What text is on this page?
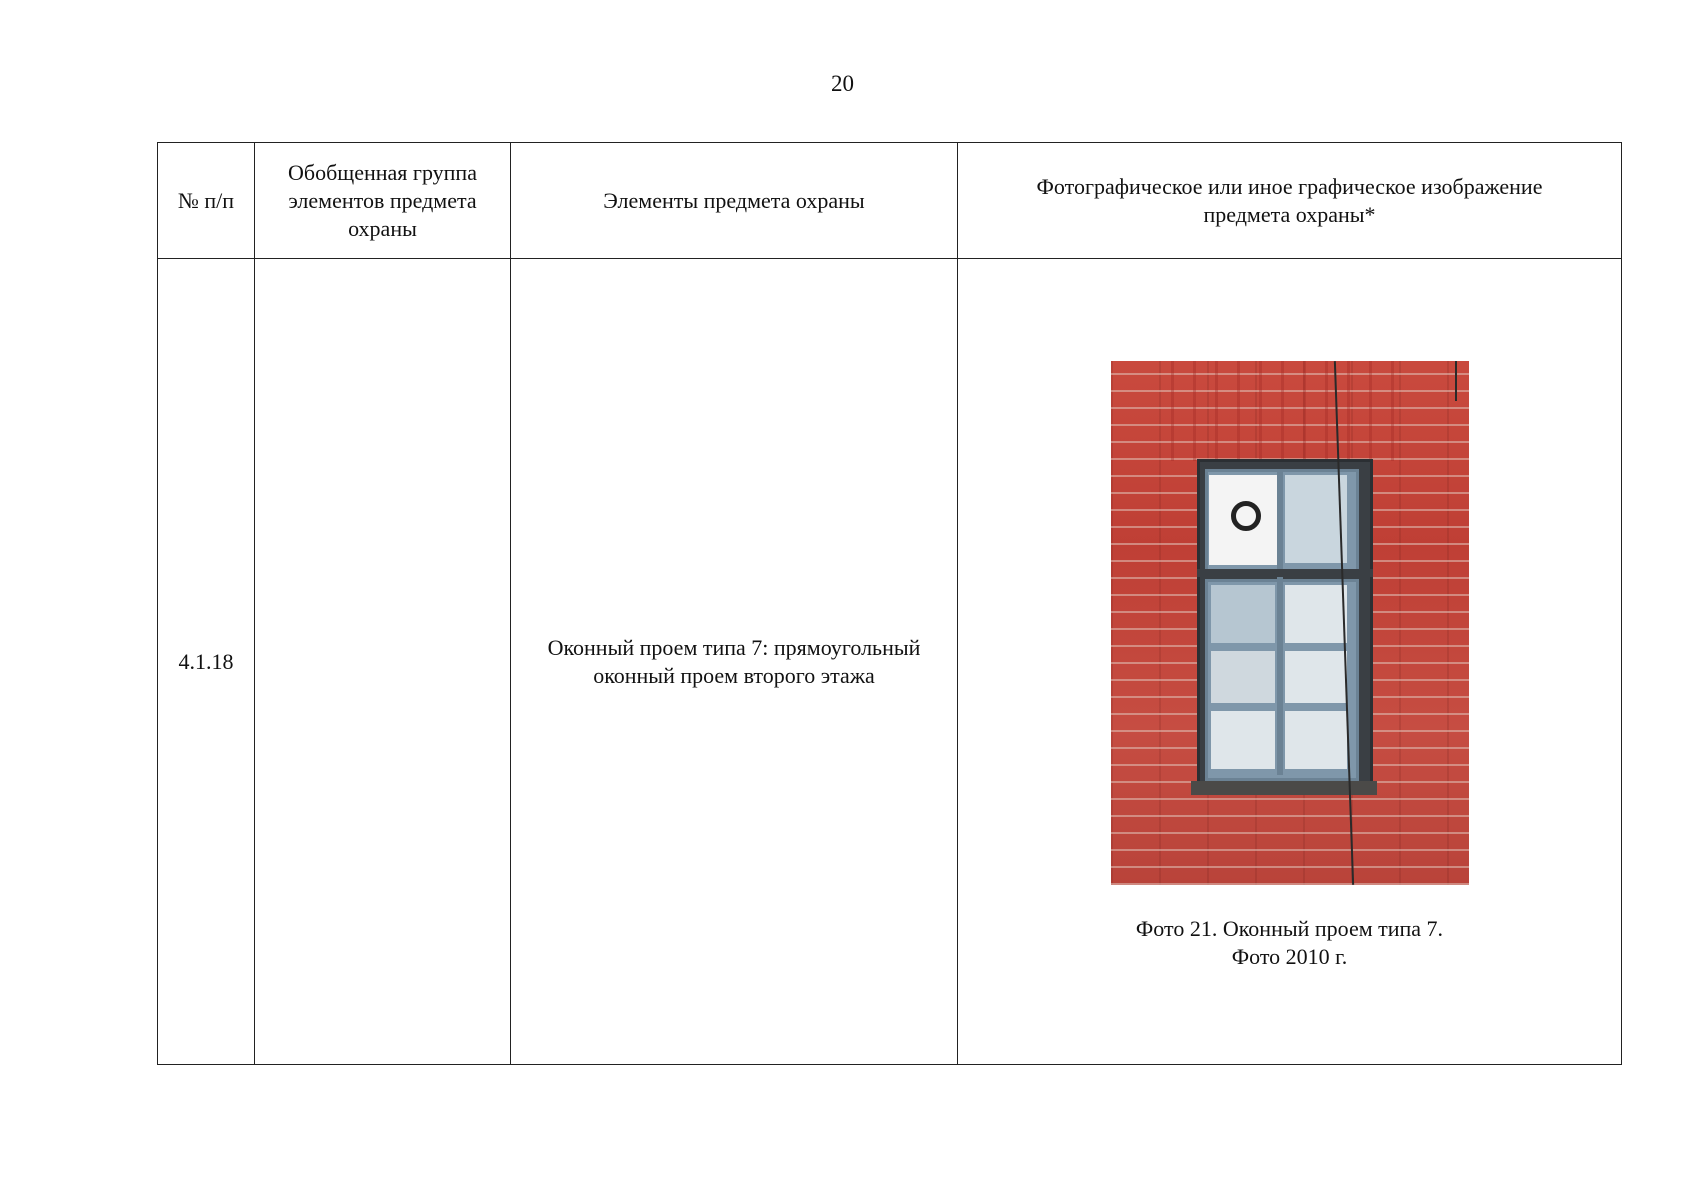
20
№ п/п	Обобщенная группа элементов предмета охраны	Элементы предмета охраны	Фотографическое или иное графическое изображение предмета охраны*
4.1.18		Оконный проем типа 7: прямоугольный оконный проем второго этажа	Фото 21. Оконный проем типа 7.
Фото 2010 г.
